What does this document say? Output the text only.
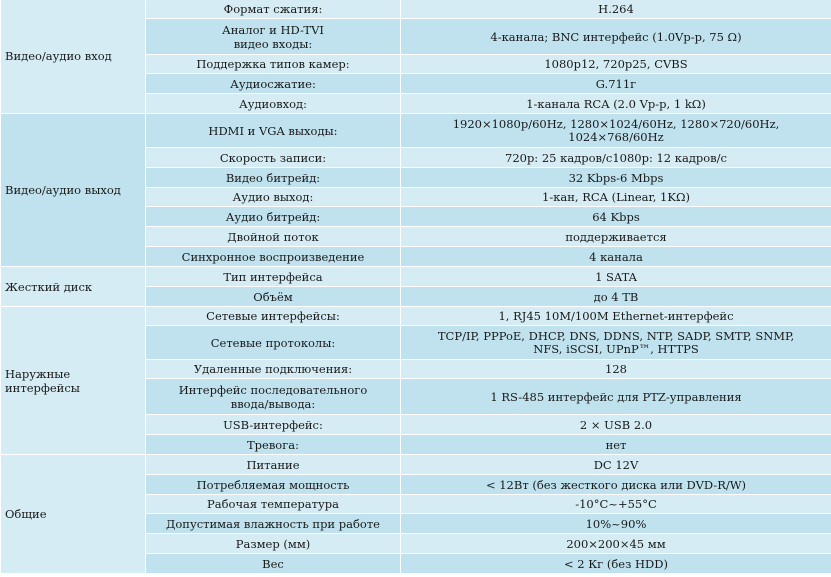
Видео/аудио вход	Формат сжатия:	H.264
	Аналог и HD-TVI видео входы:	4-канала; BNC интерфейс (1.0Vp-p, 75 Ω)
	Поддержка типов камер:	1080p12, 720p25, CVBS
	Аудиосжатие:	G.711г
	Аудиовход:	1-канала RCA (2.0 Vp-p, 1 kΩ)
Видео/аудио выход	HDMI и VGA выходы:	1920×1080p/60Hz, 1280×1024/60Hz, 1280×720/60Hz, 1024×768/60Hz
	Скорость записи:	720p: 25 кадров/с1080p: 12 кадров/с
	Видео битрейд:	32 Kbps-6 Mbps
	Аудио выход:	1-кан, RCA (Linear, 1KΩ)
	Аудио битрейд:	64 Kbps
	Двойной поток	поддерживается
	Синхронное воспроизведение	4 канала
Жесткий диск	Тип интерфейса	1 SATA
	Объём	до 4 TB
Наружные интерфейсы	Сетевые интерфейсы:	1, RJ45 10M/100M Ethernet-интерфейс
	Сетевые протоколы:	TCP/IP, PPPoE, DHCP, DNS, DDNS, NTP, SADP, SMTP, SNMP, NFS, iSCSI, UPnP™, HTTPS
	Удаленные подключения:	128
	Интерфейс последовательного ввода/вывода:	1 RS-485 интерфейс для PTZ-управления
	USB-интерфейс:	2 × USB 2.0
	Тревога:	нет
Общие	Питание	DC 12V
	Потребляемая мощность	< 12Вт (без жесткого диска или DVD-R/W)
	Рабочая температура	-10°C~+55°C
	Допустимая влажность при работе	10%~90%
	Размер (мм)	200×200×45 мм
	Вес	< 2 Кг (без HDD)
